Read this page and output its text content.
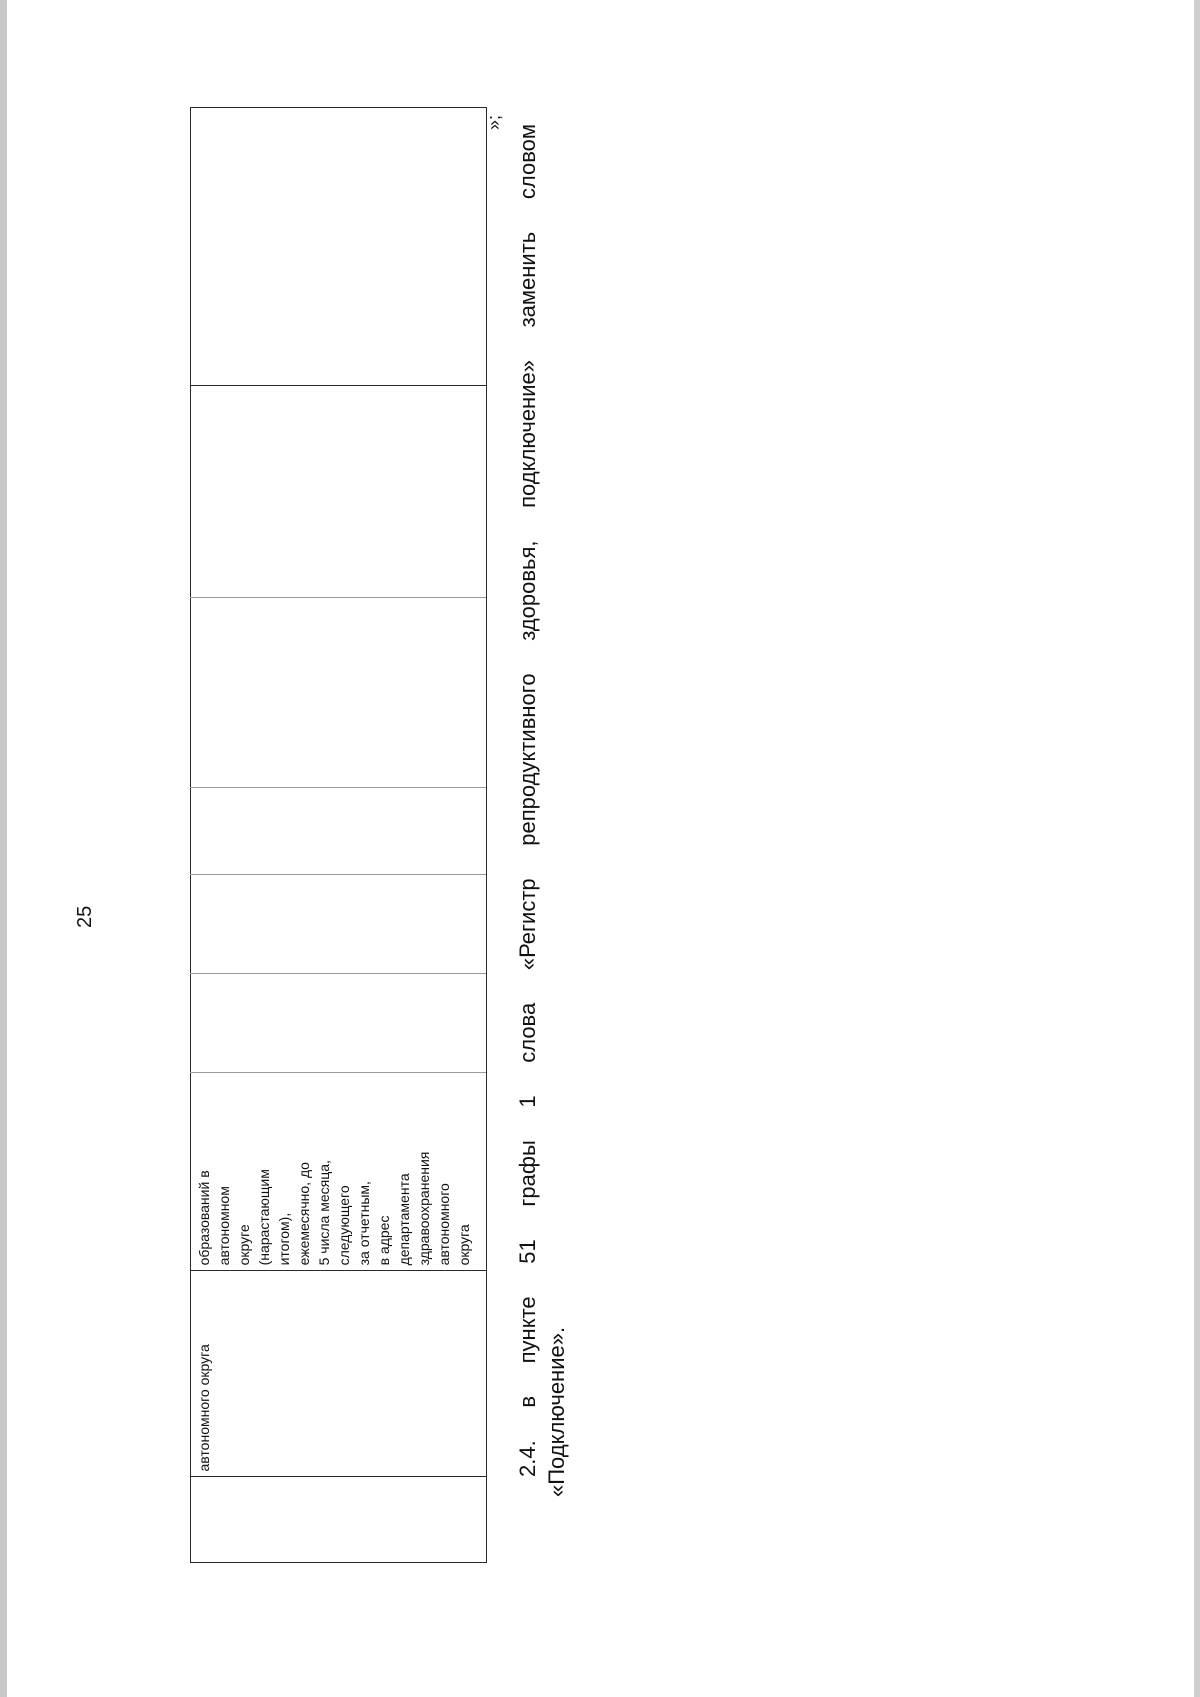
25
	автономного округа	образований в
автономном
округе
(нарастающим
итогом),
ежемесячно, до
5 числа месяца,
следующего
за отчетным,
в адрес
департамента
здравоохранения
автономного
округа						
»;
2.4. в пункте 51 графы 1 слова «Регистр репродуктивного здоровья, подключение» заменить словом «Подключение».
